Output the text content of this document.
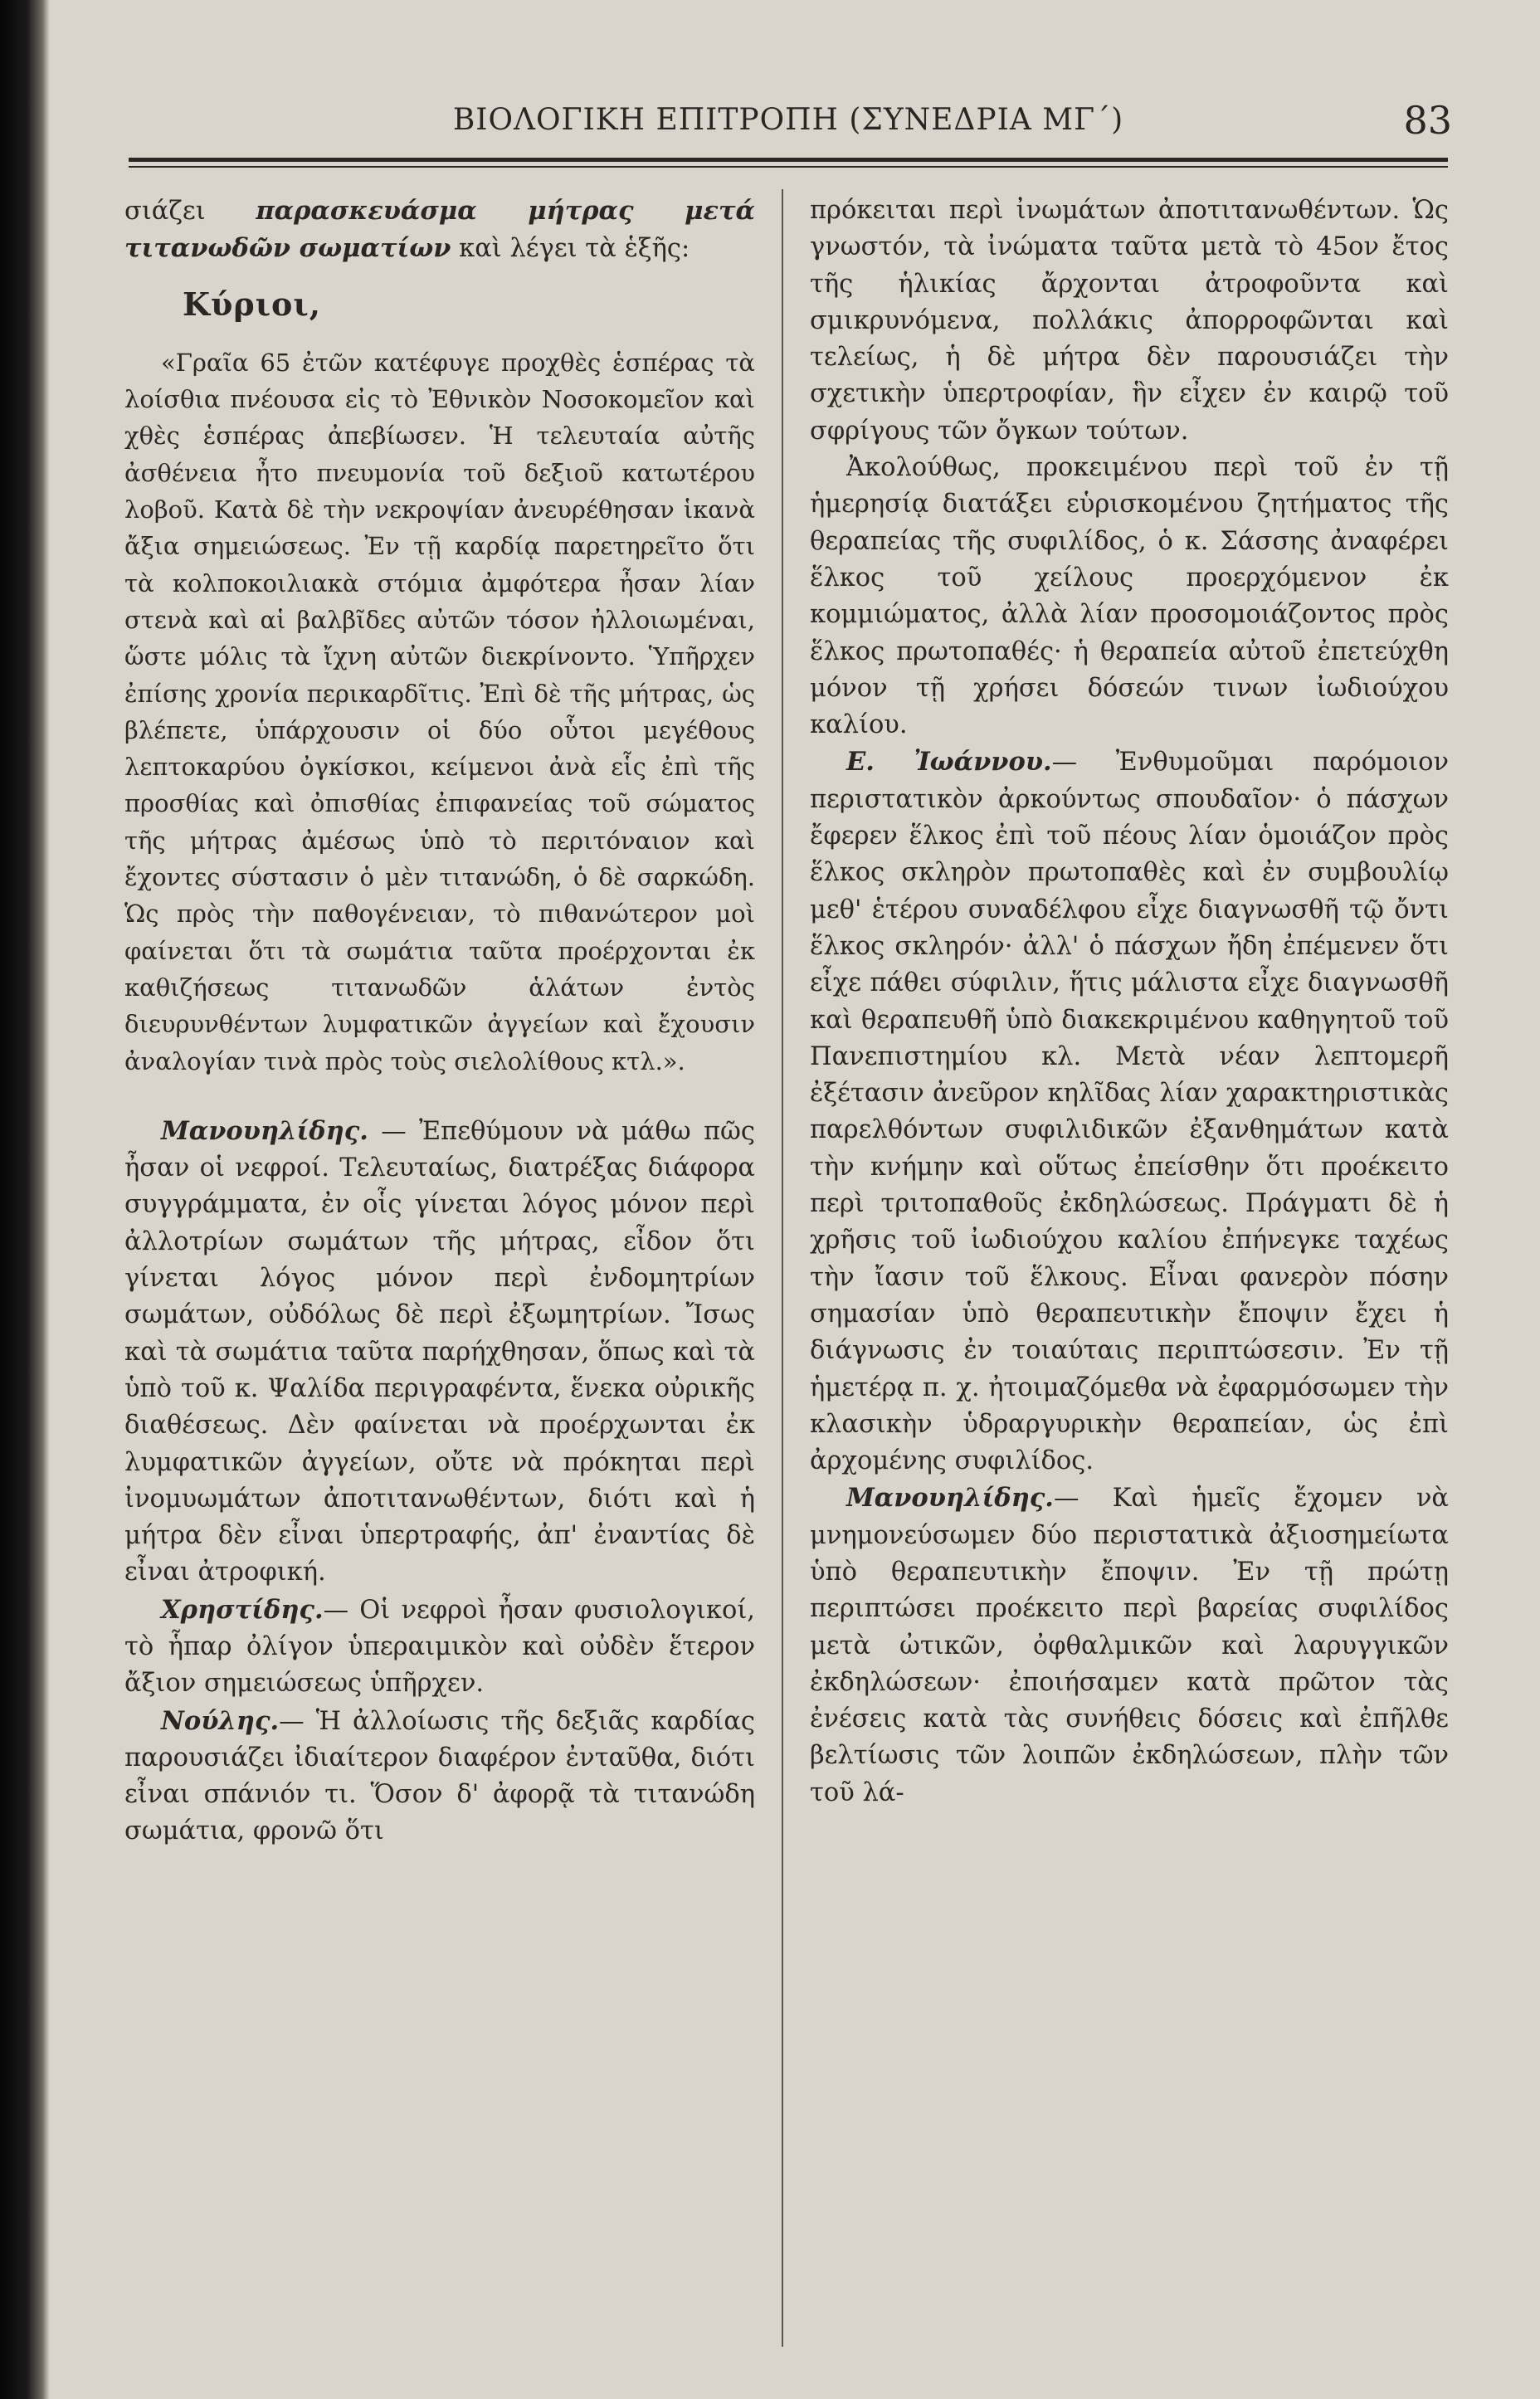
ΒΙΟΛΟΓΙΚΗ ΕΠΙΤΡΟΠΗ (ΣΥΝΕΔΡΙΑ ΜΓ΄)	83

σιάζει παρασκευάσμα μήτρας μετά τιτανωδῶν σωματίων καὶ λέγει τὰ ἑξῆς:

Κύριοι,

«Γραῖα 65 ἐτῶν κατέφυγε προχθὲς ἑσπέρας τὰ λοίσθια πνέουσα εἰς τὸ Ἐθνικὸν Νοσοκομεῖον καὶ χθὲς ἑσπέρας ἀπεβίωσεν. Ἡ τελευταία αὐτῆς ἀσθένεια ἦτο πνευμονία τοῦ δεξιοῦ κατωτέρου λοβοῦ. Κατὰ δὲ τὴν νεκροψίαν ἀνευρέθησαν ἱκανὰ ἄξια σημειώσεως. Ἐν τῇ καρδίᾳ παρετηρεῖτο ὅτι τὰ κολποκοιλιακὰ στόμια ἀμφότερα ἦσαν λίαν στενὰ καὶ αἱ βαλβῖδες αὐτῶν τόσον ἠλλοιωμέναι, ὥστε μόλις τὰ ἴχνη αὐτῶν διεκρίνοντο. Ὑπῆρχεν ἐπίσης χρονία περικαρδῖτις. Ἐπὶ δὲ τῆς μήτρας, ὡς βλέπετε, ὑπάρχουσιν οἱ δύο οὗτοι μεγέθους λεπτοκαρύου ὀγκίσκοι, κείμενοι ἀνὰ εἷς ἐπὶ τῆς προσθίας καὶ ὀπισθίας ἐπιφανείας τοῦ σώματος τῆς μήτρας ἀμέσως ὑπὸ τὸ περιτόναιον καὶ ἔχοντες σύστασιν ὁ μὲν τιτανώδη, ὁ δὲ σαρκώδη. Ὡς πρὸς τὴν παθογένειαν, τὸ πιθανώτερον μοὶ φαίνεται ὅτι τὰ σωμάτια ταῦτα προέρχονται ἐκ καθιζήσεως τιτανωδῶν ἁλάτων ἐντὸς διευρυνθέντων λυμφατικῶν ἀγγείων καὶ ἔχουσιν ἀναλογίαν τινὰ πρὸς τοὺς σιελολίθους κτλ.».

Μανουηλίδης. — Ἐπεθύμουν νὰ μάθω πῶς ἦσαν οἱ νεφροί. Τελευταίως, διατρέξας διάφορα συγγράμματα, ἐν οἷς γίνεται λόγος μόνον περὶ ἀλλοτρίων σωμάτων τῆς μήτρας, εἶδον ὅτι γίνεται λόγος μόνον περὶ ἐνδομητρίων σωμάτων, οὐδόλως δὲ περὶ ἐξωμητρίων. Ἴσως καὶ τὰ σωμάτια ταῦτα παρήχθησαν, ὅπως καὶ τὰ ὑπὸ τοῦ κ. Ψαλίδα περιγραφέντα, ἕνεκα οὐρικῆς διαθέσεως. Δὲν φαίνεται νὰ προέρχωνται ἐκ λυμφατικῶν ἀγγείων, οὔτε νὰ πρόκηται περὶ ἰνομυωμάτων ἀποτιτανωθέντων, διότι καὶ ἡ μήτρα δὲν εἶναι ὑπερτραφής, ἀπ' ἐναντίας δὲ εἶναι ἀτροφική.

Χρηστίδης.— Οἱ νεφροὶ ἦσαν φυσιολογικοί, τὸ ἧπαρ ὀλίγον ὑπεραιμικὸν καὶ οὐδὲν ἕτερον ἄξιον σημειώσεως ὑπῆρχεν.

Νούλης.— Ἡ ἀλλοίωσις τῆς δεξιᾶς καρδίας παρουσιάζει ἰδιαίτερον διαφέρον ἐνταῦθα, διότι εἶναι σπάνιόν τι. Ὅσον δ' ἀφορᾷ τὰ τιτανώδη σωμάτια, φρονῶ ὅτι

πρόκειται περὶ ἰνωμάτων ἀποτιτανωθέντων. Ὡς γνωστόν, τὰ ἰνώματα ταῦτα μετὰ τὸ 45ον ἔτος τῆς ἡλικίας ἄρχονται ἀτροφοῦντα καὶ σμικρυνόμενα, πολλάκις ἀπορροφῶνται καὶ τελείως, ἡ δὲ μήτρα δὲν παρουσιάζει τὴν σχετικὴν ὑπερτροφίαν, ἣν εἶχεν ἐν καιρῷ τοῦ σφρίγους τῶν ὄγκων τούτων.

Ἀκολούθως, προκειμένου περὶ τοῦ ἐν τῇ ἡμερησίᾳ διατάξει εὑρισκομένου ζητήματος τῆς θεραπείας τῆς συφιλίδος, ὁ κ. Σάσσης ἀναφέρει ἕλκος τοῦ χείλους προερχόμενον ἐκ κομμιώματος, ἀλλὰ λίαν προσομοιάζοντος πρὸς ἕλκος πρωτοπαθές· ἡ θεραπεία αὐτοῦ ἐπετεύχθη μόνον τῇ χρήσει δόσεών τινων ἰωδιούχου καλίου.

Ε. Ἰωάννου.— Ἐνθυμοῦμαι παρόμοιον περιστατικὸν ἀρκούντως σπουδαῖον· ὁ πάσχων ἔφερεν ἕλκος ἐπὶ τοῦ πέους λίαν ὁμοιάζον πρὸς ἕλκος σκληρὸν πρωτοπαθὲς καὶ ἐν συμβουλίῳ μεθ' ἑτέρου συναδέλφου εἶχε διαγνωσθῆ τῷ ὄντι ἕλκος σκληρόν· ἀλλ' ὁ πάσχων ἤδη ἐπέμενεν ὅτι εἶχε πάθει σύφιλιν, ἥτις μάλιστα εἶχε διαγνωσθῆ καὶ θεραπευθῆ ὑπὸ διακεκριμένου καθηγητοῦ τοῦ Πανεπιστημίου κλ. Μετὰ νέαν λεπτομερῆ ἐξέτασιν ἀνεῦρον κηλῖδας λίαν χαρακτηριστικὰς παρελθόντων συφιλιδικῶν ἐξανθημάτων κατὰ τὴν κνήμην καὶ οὕτως ἐπείσθην ὅτι προέκειτο περὶ τριτοπαθοῦς ἐκδηλώσεως. Πράγματι δὲ ἡ χρῆσις τοῦ ἰωδιούχου καλίου ἐπήνεγκε ταχέως τὴν ἴασιν τοῦ ἕλκους. Εἶναι φανερὸν πόσην σημασίαν ὑπὸ θεραπευτικὴν ἔποψιν ἔχει ἡ διάγνωσις ἐν τοιαύταις περιπτώσεσιν. Ἐν τῇ ἡμετέρᾳ π. χ. ἠτοιμαζόμεθα νὰ ἐφαρμόσωμεν τὴν κλασικὴν ὑδραργυρικὴν θεραπείαν, ὡς ἐπὶ ἀρχομένης συφιλίδος.

Μανουηλίδης.— Καὶ ἡμεῖς ἔχομεν νὰ μνημονεύσωμεν δύο περιστατικὰ ἀξιοσημείωτα ὑπὸ θεραπευτικὴν ἔποψιν. Ἐν τῇ πρώτῃ περιπτώσει προέκειτο περὶ βαρείας συφιλίδος μετὰ ὠτικῶν, ὀφθαλμικῶν καὶ λαρυγγικῶν ἐκδηλώσεων· ἐποιήσαμεν κατὰ πρῶτον τὰς ἐνέσεις κατὰ τὰς συνήθεις δόσεις καὶ ἐπῆλθε βελτίωσις τῶν λοιπῶν ἐκδηλώσεων, πλὴν τῶν τοῦ λά-
